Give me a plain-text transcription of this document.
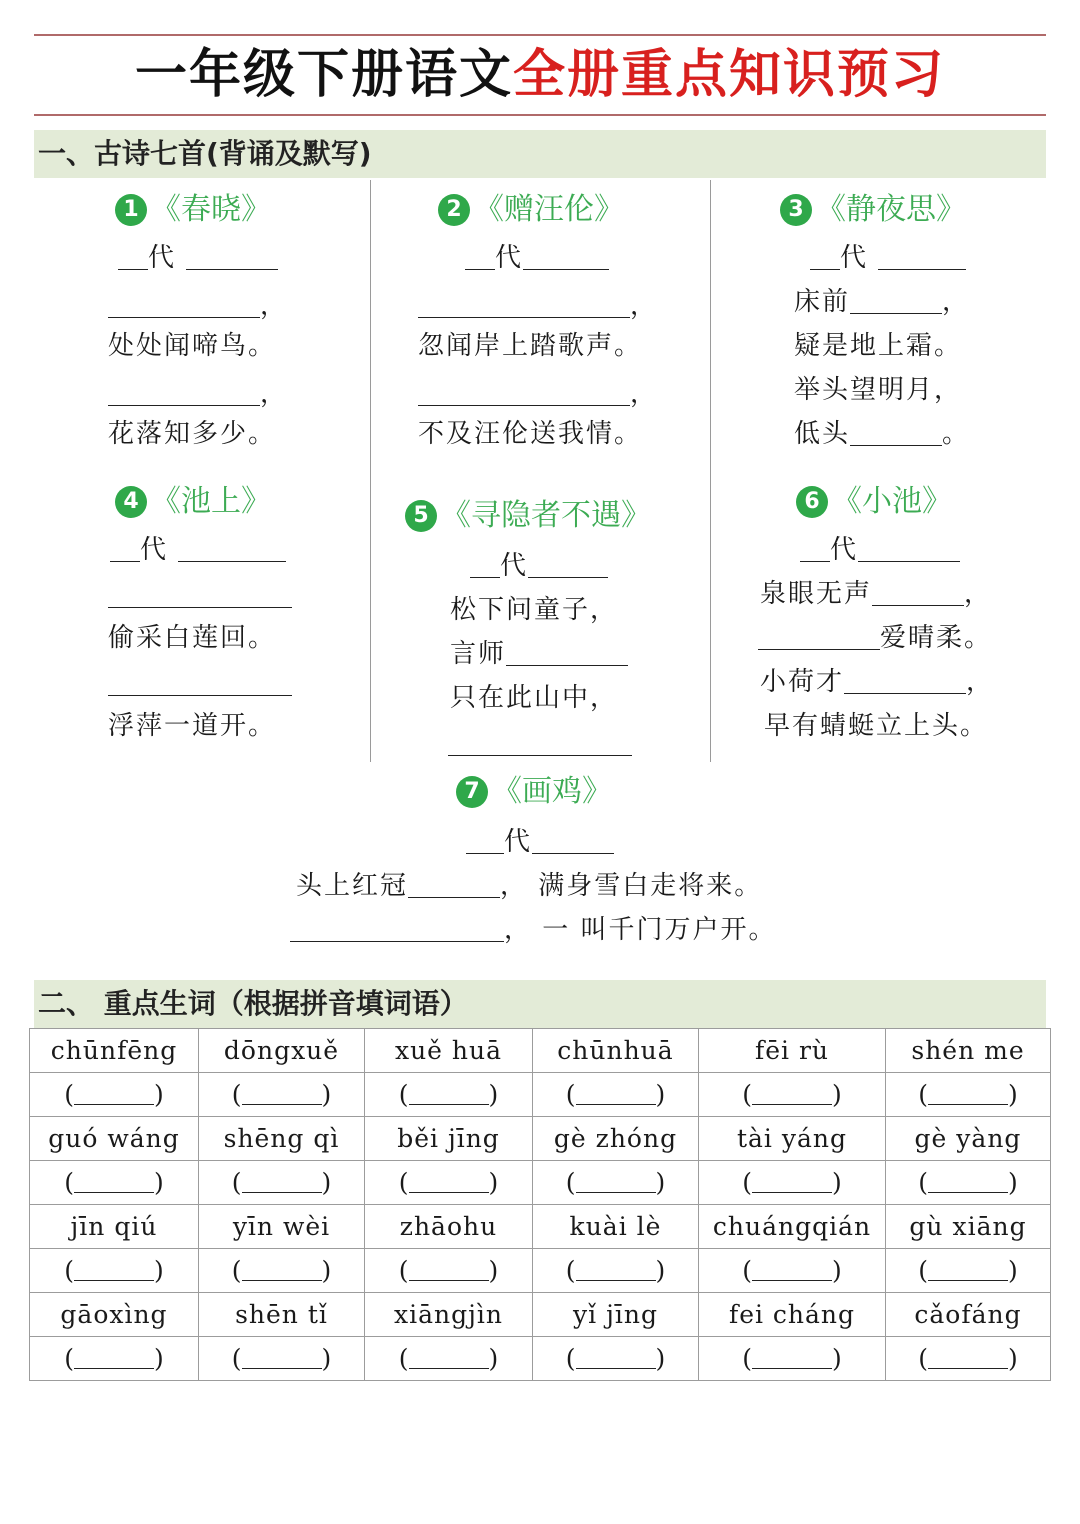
一年级下册语文全册重点知识预习
一、古诗七首(背诵及默写)
1 《春晓》
代
，
处处闻啼鸟。
，
花落知多少。
2 《赠汪伦》
代
，
忽闻岸上踏歌声。
，
不及汪伦送我情。
3 《静夜思》
代
床前	，
疑是地上霜。
举头望明月，
低头	。
4 《池上》
代
偷采白莲回。
浮萍一道开。
5 《寻隐者不遇》
代
松下问童子，
言师
只在此山中，
6 《小池》
代
泉眼无声	，
爱晴柔。
小荷才	，
早有蜻蜓立上头。
7 《画鸡》
代
头上红冠	， 满身雪白走将来。
， 一 叫千门万户开。
二、 重点生词（根据拼音填词语）
chūnfēng	dōngxuě	xuě huā	chūnhuā	fēi rù	shén me
( )	( )	( )	( )	( )	( )
guó wáng	shēng qì	běi jīng	gè zhóng	tài yáng	gè yàng
( )	( )	( )	( )	( )	( )
jīn qiú	yīn wèi	zhāohu	kuài lè	chuángqián	gù xiāng
( )	( )	( )	( )	( )	( )
gāoxìng	shēn tǐ	xiāngjìn	yǐ jīng	fei cháng	cǎofáng
( )	( )	( )	( )	( )	( )
